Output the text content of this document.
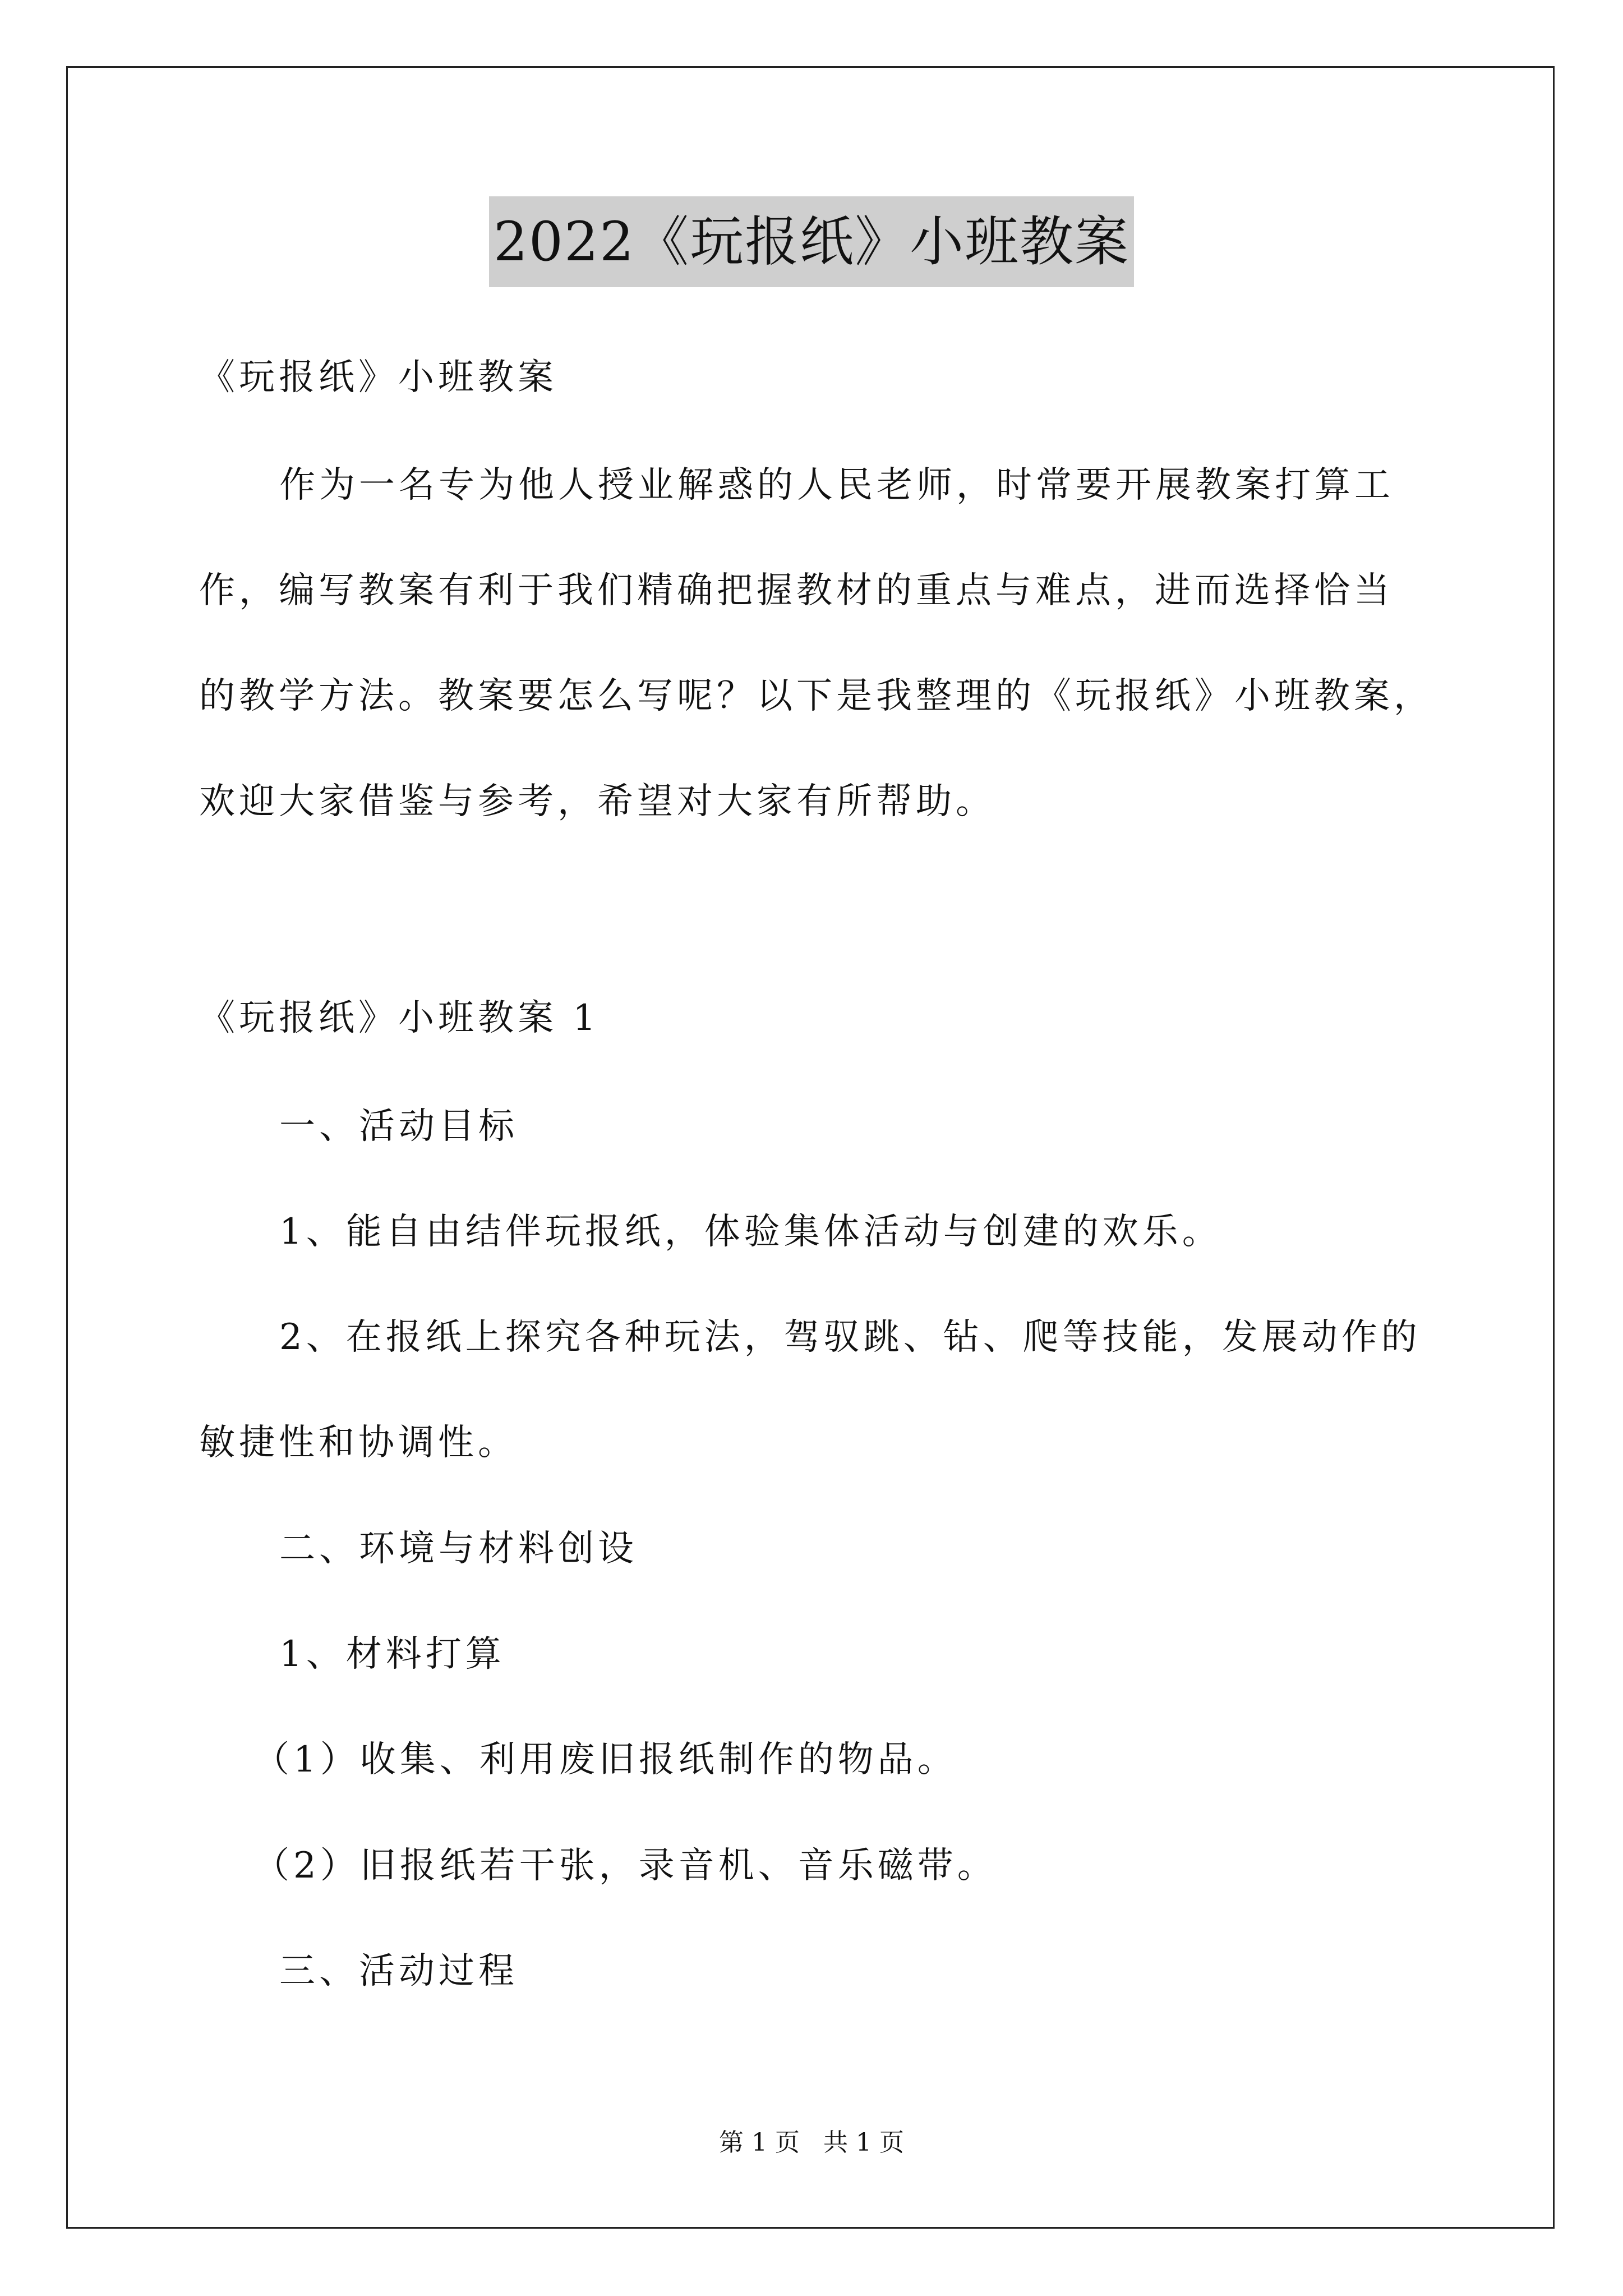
2022《玩报纸》小班教案
《玩报纸》小班教案
作为一名专为他人授业解惑的人民老师，时常要开展教案打算工
作，编写教案有利于我们精确把握教材的重点与难点，进而选择恰当
的教学方法。教案要怎么写呢？以下是我整理的《玩报纸》小班教案，
欢迎大家借鉴与参考，希望对大家有所帮助。
《玩报纸》小班教案 1
一、活动目标
1、能自由结伴玩报纸，体验集体活动与创建的欢乐。
2、在报纸上探究各种玩法，驾驭跳、钻、爬等技能，发展动作的
敏捷性和协调性。
二、环境与材料创设
1、材料打算
（1）收集、利用废旧报纸制作的物品。
（2）旧报纸若干张，录音机、音乐磁带。
三、活动过程
第 1 页   共 1 页
